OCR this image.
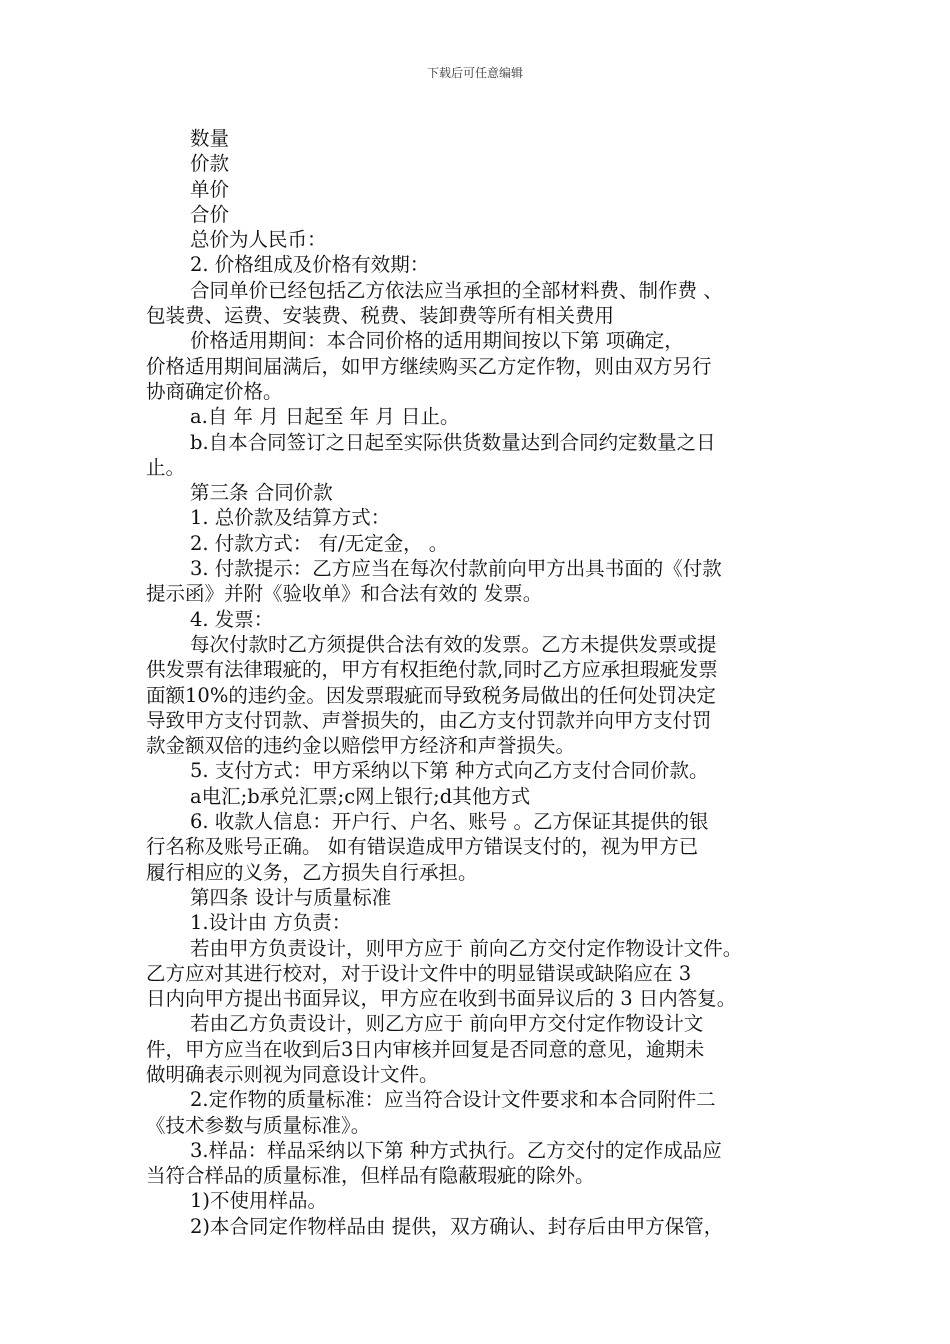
下载后可任意编辑
数量
价款
单价
合价
总价为人民币：
2. 价格组成及价格有效期：
合同单价已经包括乙方依法应当承担的全部材料费、制作费 、
包装费、运费、安装费、税费、装卸费等所有相关费用
价格适用期间：本合同价格的适用期间按以下第 项确定，
价格适用期间届满后，如甲方继续购买乙方定作物，则由双方另行
协商确定价格。
a.自 年 月 日起至 年 月 日止。
b.自本合同签订之日起至实际供货数量达到合同约定数量之日
止。
第三条 合同价款
1. 总价款及结算方式：
2. 付款方式： 有/无定金， 。
3. 付款提示：乙方应当在每次付款前向甲方出具书面的《付款
提示函》并附《验收单》和合法有效的 发票。
4. 发票：
每次付款时乙方须提供合法有效的发票。乙方未提供发票或提
供发票有法律瑕疵的，甲方有权拒绝付款,同时乙方应承担瑕疵发票
面额10%的违约金。因发票瑕疵而导致税务局做出的任何处罚决定
导致甲方支付罚款、声誉损失的，由乙方支付罚款并向甲方支付罚
款金额双倍的违约金以赔偿甲方经济和声誉损失。
5. 支付方式：甲方采纳以下第 种方式向乙方支付合同价款。
a电汇;b承兑汇票;c网上银行;d其他方式
6. 收款人信息：开户行、户名、账号 。乙方保证其提供的银
行名称及账号正确。 如有错误造成甲方错误支付的，视为甲方已
履行相应的义务，乙方损失自行承担。
第四条 设计与质量标准
1.设计由 方负责：
若由甲方负责设计，则甲方应于 前向乙方交付定作物设计文件。
乙方应对其进行校对，对于设计文件中的明显错误或缺陷应在 3
日内向甲方提出书面异议，甲方应在收到书面异议后的 3 日内答复。
若由乙方负责设计，则乙方应于 前向甲方交付定作物设计文
件，甲方应当在收到后3日内审核并回复是否同意的意见，逾期未
做明确表示则视为同意设计文件。
2.定作物的质量标准：应当符合设计文件要求和本合同附件二
《技术参数与质量标准》。
3.样品：样品采纳以下第 种方式执行。乙方交付的定作成品应
当符合样品的质量标准，但样品有隐蔽瑕疵的除外。
1)不使用样品。
2)本合同定作物样品由 提供，双方确认、封存后由甲方保管，
